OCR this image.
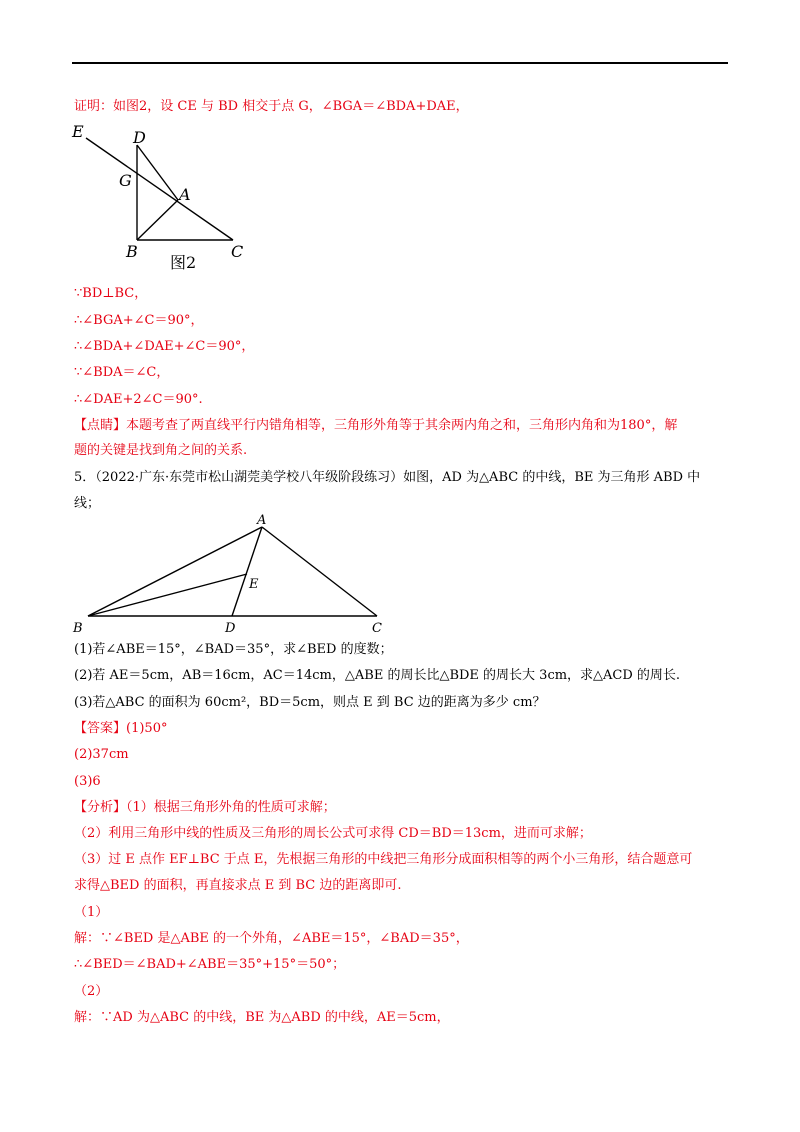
证明：如图2，设 CE 与 BD 相交于点 G，∠BGA＝∠BDA+DAE，
E	D
G
A
B	C
图2
∵BD⊥BC，
∴∠BGA+∠C＝90°，
∴∠BDA+∠DAE+∠C＝90°，
∵∠BDA＝∠C，
∴∠DAE+2∠C＝90°.
【点睛】本题考查了两直线平行内错角相等，三角形外角等于其余两内角之和，三角形内角和为180°，解
题的关键是找到角之间的关系.
5．（2022·广东·东莞市松山湖莞美学校八年级阶段练习）如图，AD 为△ABC 的中线，BE 为三角形 ABD 中
线；
A
E
B	D	C
(1)若∠ABE＝15°，∠BAD＝35°，求∠BED 的度数；
(2)若 AE＝5cm，AB＝16cm，AC＝14cm，△ABE 的周长比△BDE 的周长大 3cm，求△ACD 的周长.
(3)若△ABC 的面积为 60cm²，BD＝5cm，则点 E 到 BC 边的距离为多少 cm？
【答案】(1)50°
(2)37cm
(3)6
【分析】（1）根据三角形外角的性质可求解；
（2）利用三角形中线的性质及三角形的周长公式可求得 CD＝BD＝13cm，进而可求解；
（3）过 E 点作 EF⊥BC 于点 E，先根据三角形的中线把三角形分成面积相等的两个小三角形，结合题意可
求得△BED 的面积，再直接求点 E 到 BC 边的距离即可.
（1）
解：∵∠BED 是△ABE 的一个外角，∠ABE＝15°，∠BAD＝35°，
∴∠BED＝∠BAD+∠ABE＝35°+15°＝50°；
（2）
解：∵AD 为△ABC 的中线，BE 为△ABD 的中线，AE＝5cm，
